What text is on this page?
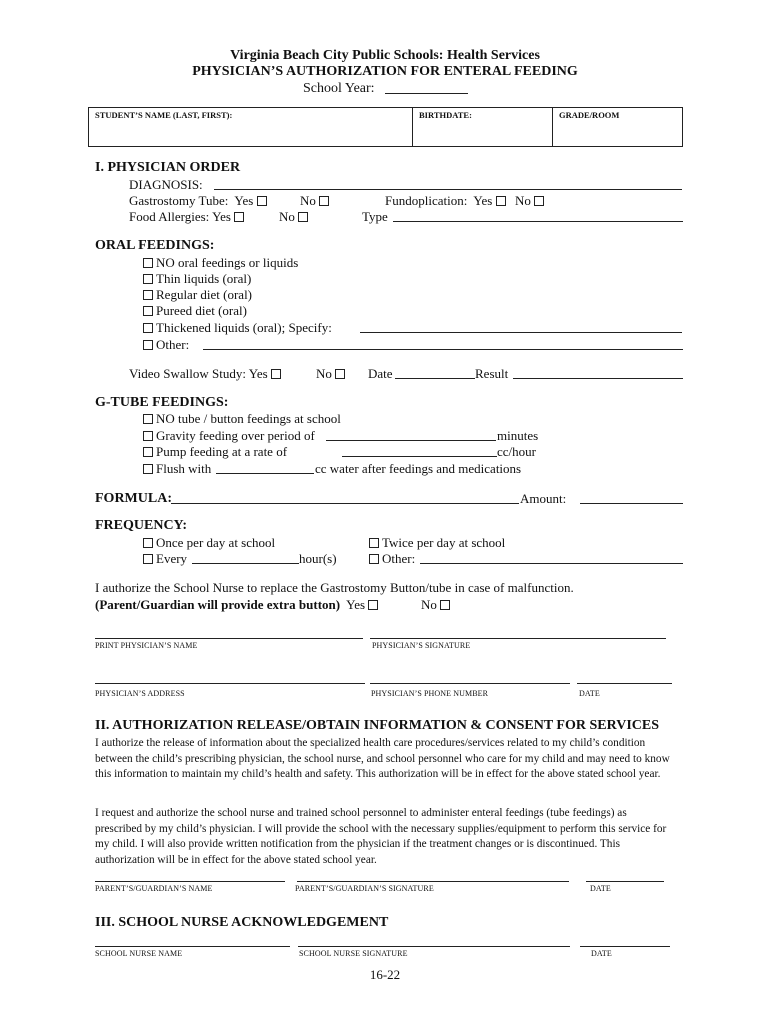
Virginia Beach City Public Schools: Health Services
PHYSICIAN’S AUTHORIZATION FOR ENTERAL FEEDING
School Year:
STUDENT’S NAME (LAST, FIRST):	BIRTHDATE:	GRADE/ROOM
I. PHYSICIAN ORDER
DIAGNOSIS:
Gastrostomy Tube: Yes	No	Fundoplication: Yes No
Food Allergies: Yes	No	Type
ORAL FEEDINGS:
NO oral feedings or liquids
Thin liquids (oral)
Regular diet (oral)
Pureed diet (oral)
Thickened liquids (oral); Specify:
Other:
Video Swallow Study: Yes	No	Date	Result
G-TUBE FEEDINGS:
NO tube / button feedings at school
Gravity feeding over period of	minutes
Pump feeding at a rate of	cc/hour
Flush with	cc water after feedings and medications
FORMULA:	Amount:
FREQUENCY:
Once per day at school	Twice per day at school
Every	hour(s)	Other:
I authorize the School Nurse to replace the Gastrostomy Button/tube in case of malfunction.
(Parent/Guardian will provide extra button) Yes	No
PRINT PHYSICIAN’S NAME	PHYSICIAN’S SIGNATURE
PHYSICIAN’S ADDRESS	PHYSICIAN’S PHONE NUMBER	DATE
II. AUTHORIZATION RELEASE/OBTAIN INFORMATION & CONSENT FOR SERVICES
I authorize the release of information about the specialized health care procedures/services related to my child’s condition between the child’s prescribing physician, the school nurse, and school personnel who care for my child and may need to know this information to maintain my child’s health and safety. This authorization will be in effect for the above stated school year.
I request and authorize the school nurse and trained school personnel to administer enteral feedings (tube feedings) as prescribed by my child’s physician. I will provide the school with the necessary supplies/equipment to perform this service for my child. I will also provide written notification from the physician if the treatment changes or is discontinued. This authorization will be in effect for the above stated school year.
PARENT’S/GUARDIAN’S NAME	PARENT’S/GUARDIAN’S SIGNATURE	DATE
III. SCHOOL NURSE ACKNOWLEDGEMENT
SCHOOL NURSE NAME	SCHOOL NURSE SIGNATURE	DATE
16-22
